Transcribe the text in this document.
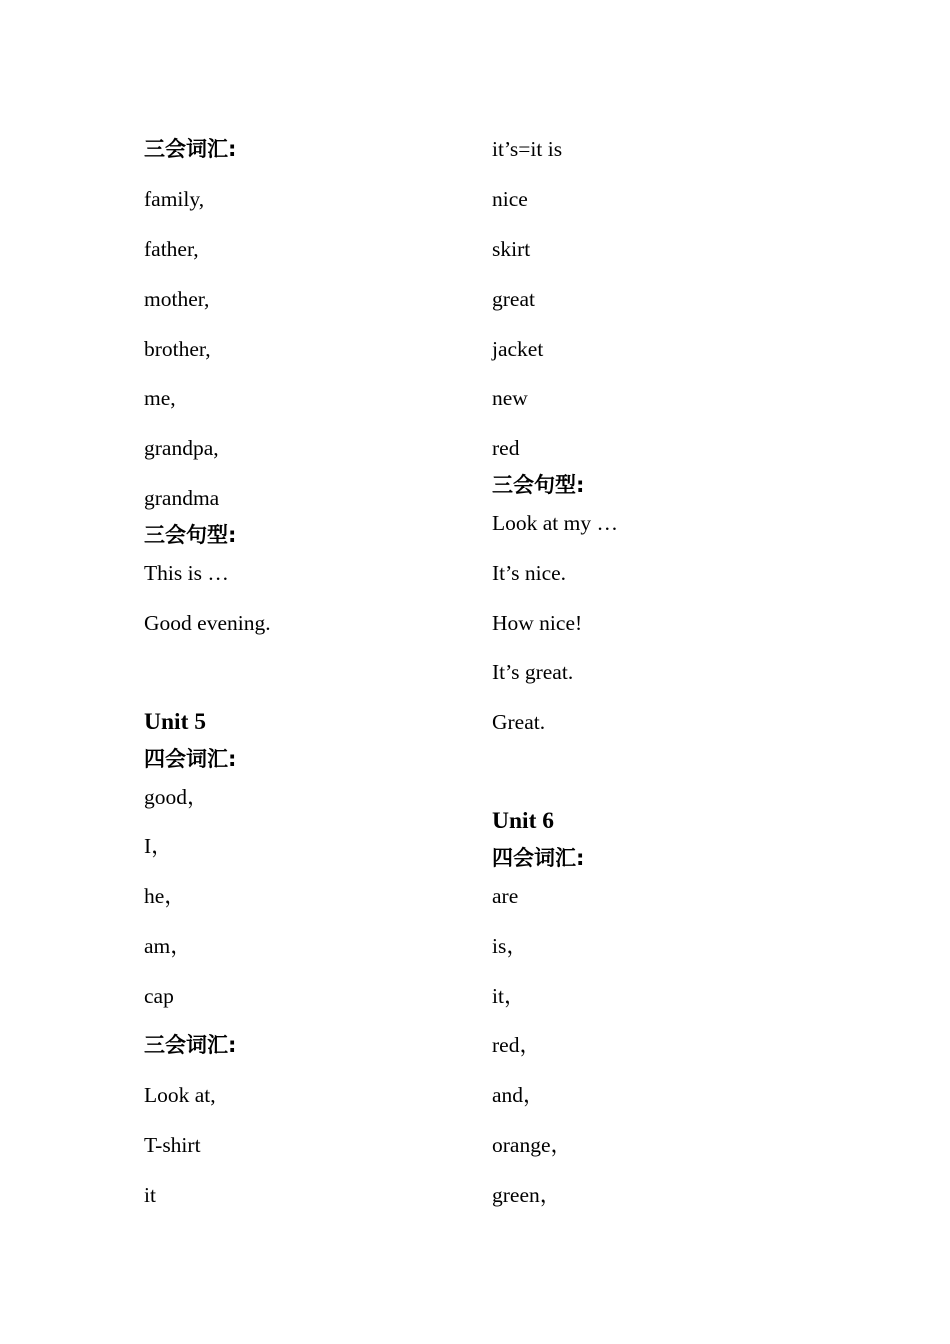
三会词汇:
family,
father,
mother,
brother,
me,
grandpa,
grandma
三会句型:
This is …
Good evening.
Unit 5
四会词汇:
good，
I，
he，
am，
cap
三会词汇:
Look at,
T-shirt
it
it’s=it is
nice
skirt
great
jacket
new
red
三会句型:
Look at my …
It’s nice.
How nice!
It’s great.
Great.
Unit 6
四会词汇:
are
is，
it，
red，
and，
orange，
green，
